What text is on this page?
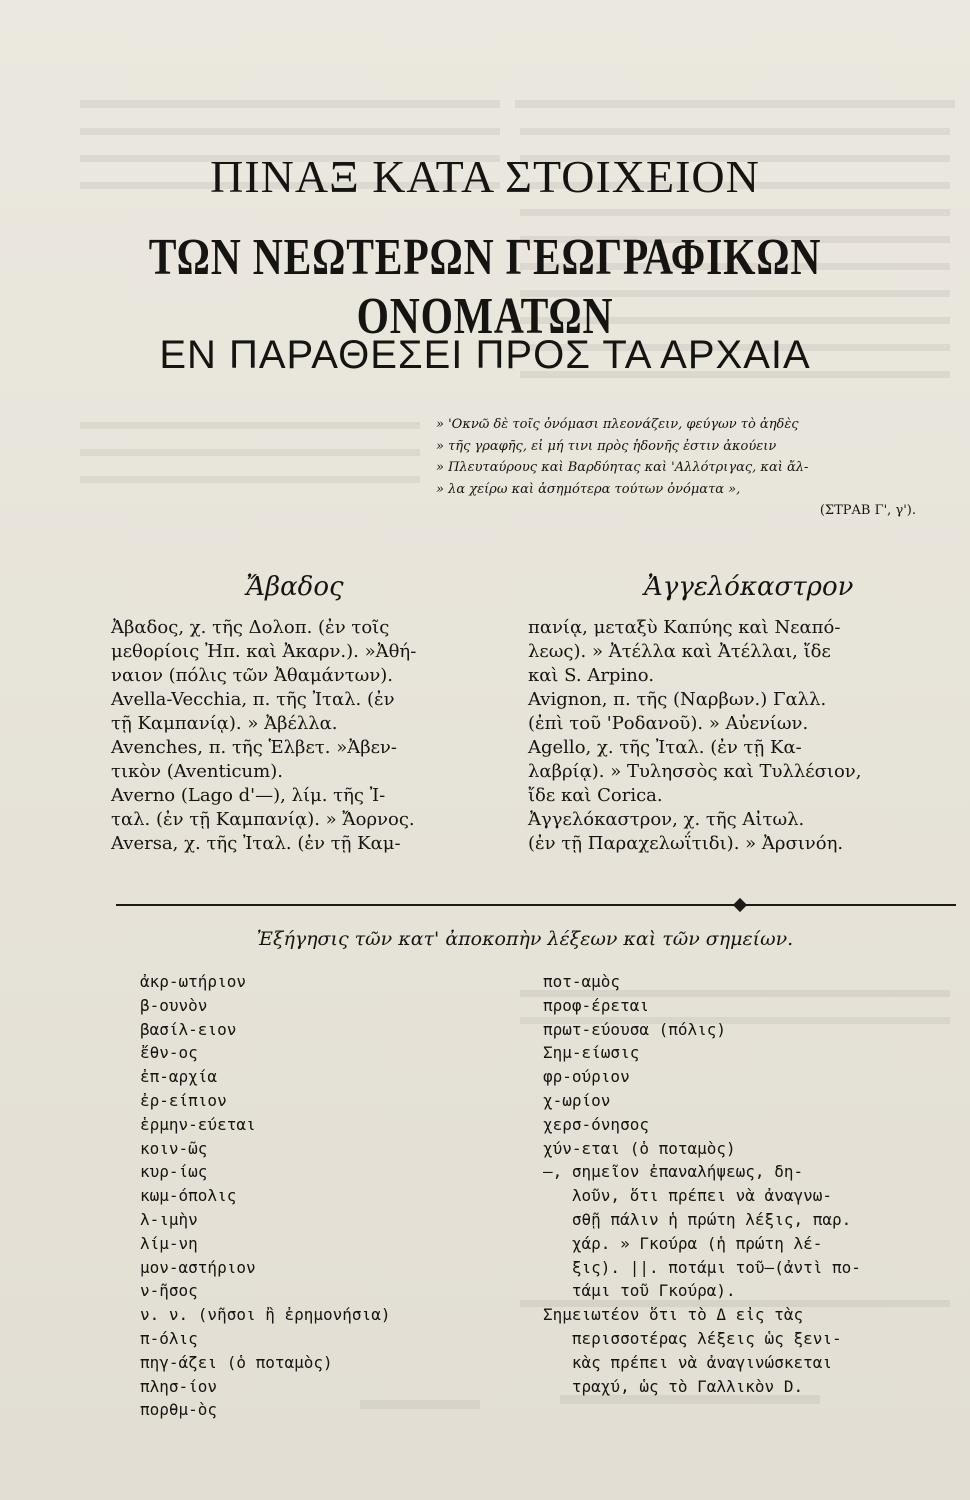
ΠΙΝΑΞ ΚΑΤΑ ΣΤΟΙΧΕΙΟΝ
ΤΩΝ ΝΕΩΤΕΡΩΝ ΓΕΩΓΡΑΦΙΚΩΝ ΟΝΟΜΑΤΩΝ
ΕΝ ΠΑΡΑΘΕΣΕΙ ΠΡΟΣ ΤΑ ΑΡΧΑΙΑ
» 'Οκνῶ δὲ τοῖς ὀνόμασι πλεονάζειν, φεύγων τὸ ἀηδὲς
» τῆς γραφῆς, εἰ μή τινι πρὸς ἡδονῆς ἐστιν ἀκούειν
» Πλευταύρους καὶ Βαρδύητας καὶ 'Αλλότριγας, καὶ ἄλ-
» λα χείρω καὶ ἀσημότερα τούτων ὀνόματα »,
(ΣΤΡΑΒ Γ', γ').
Ἄβαδος
Ἀβαδος, χ. τῆς Δολοπ. (ἐν τοῖς
μεθορίοις Ἠπ. καὶ Ἀκαρν.). »Ἀθή-
ναιον (πόλις τῶν Ἀθαμάντων).
Avella-Vecchia, π. τῆς Ἰταλ. (ἐν
τῇ Καμπανίᾳ). » Ἀβέλλα.
Avenches, π. τῆς Ἑλβετ. »Ἀβεν-
τικὸν (Aventicum).
Averno (Lago d'—), λίμ. τῆς Ἰ-
ταλ. (ἐν τῇ Καμπανίᾳ). » Ἄορνος.
Aversa, χ. τῆς Ἰταλ. (ἐν τῇ Καμ-
Ἀγγελόκαστρον
πανίᾳ, μεταξὺ Καπύης καὶ Νεαπό-
λεως). » Ἀτέλλα καὶ Ἀτέλλαι, ἴδε
καὶ S. Arpino.
Avignon, π. τῆς (Ναρβων.) Γαλλ.
(ἐπὶ τοῦ 'Ροδανοῦ). » Αὐενίων.
Agello, χ. τῆς Ἰταλ. (ἐν τῇ Κα-
λαβρίᾳ). » Τυλησσὸς καὶ Τυλλέσιον,
ἴδε καὶ Corica.
Ἀγγελόκαστρον, χ. τῆς Αἰτωλ.
(ἐν τῇ Παραχελωΐτιδι). » Ἀρσινόη.
Ἐξήγησις τῶν κατ' ἀποκοπὴν λέξεων καὶ τῶν σημείων.
ἀκρ-ωτήριον
β-ουνὸν
βασίλ-ειον
ἔθν-ος
ἐπ-αρχία
ἐρ-είπιον
ἑρμην-εύεται
κοιν-ῶς
κυρ-ίως
κωμ-όπολις
λ-ιμὴν
λίμ-νη
μον-αστήριον
ν-ῆσος
ν. ν. (νῆσοι ἢ ἐρημονήσια)
π-όλις
πηγ-άζει (ὁ ποταμὸς)
πλησ-ίον
πορθμ-ὸς
ποτ-αμὸς
προφ-έρεται
πρωτ-εύουσα (πόλις)
Σημ-είωσις
φρ-ούριον
χ-ωρίον
χερσ-όνησος
χύν-εται (ὁ ποταμὸς)
—, σημεῖον ἐπαναλήψεως, δη-
λοῦν, ὅτι πρέπει νὰ ἀναγνω-
σθῇ πάλιν ἡ πρώτη λέξις, παρ.
χάρ. » Γκούρα (ἡ πρώτη λέ-
ξις). ||. ποτάμι τοῦ—(ἀντὶ πο-
τάμι τοῦ Γκούρα).
Σημειωτέον ὅτι τὸ Δ εἰς τὰς
περισσοτέρας λέξεις ὡς ξενι-
κὰς πρέπει νὰ ἀναγινώσκεται
τραχύ, ὡς τὸ Γαλλικὸν D.
